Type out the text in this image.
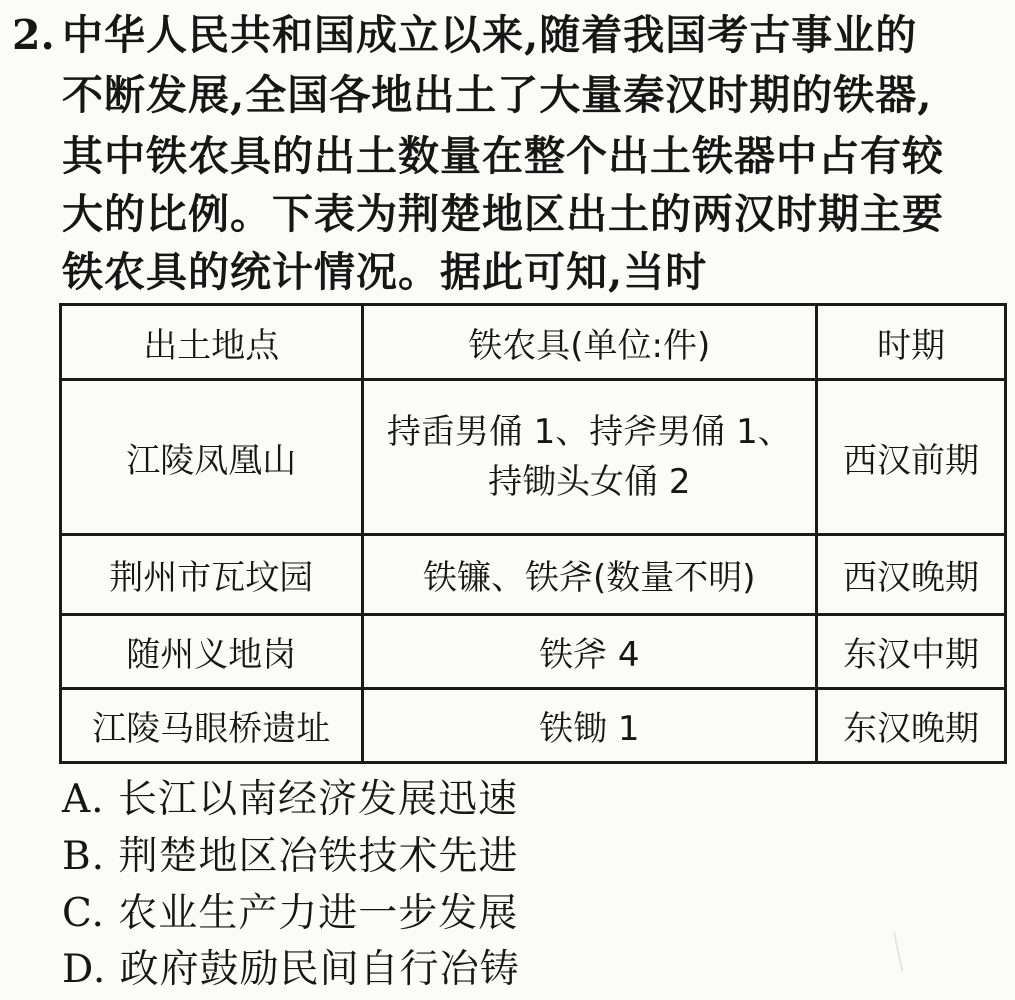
2. 中华人民共和国成立以来,随着我国考古事业的
不断发展,全国各地出土了大量秦汉时期的铁器,
其中铁农具的出土数量在整个出土铁器中占有较
大的比例。下表为荆楚地区出土的两汉时期主要
铁农具的统计情况。据此可知,当时
出土地点	铁农具(单位:件)	时期
江陵凤凰山	持臿男俑 1、持斧男俑 1、
持锄头女俑 2	西汉前期
荆州市瓦坟园	铁镰、铁斧(数量不明)	西汉晚期
随州义地岗	铁斧 4	东汉中期
江陵马眼桥遗址	铁锄 1	东汉晚期
A. 长江以南经济发展迅速
B. 荆楚地区冶铁技术先进
C. 农业生产力进一步发展
D. 政府鼓励民间自行冶铸
